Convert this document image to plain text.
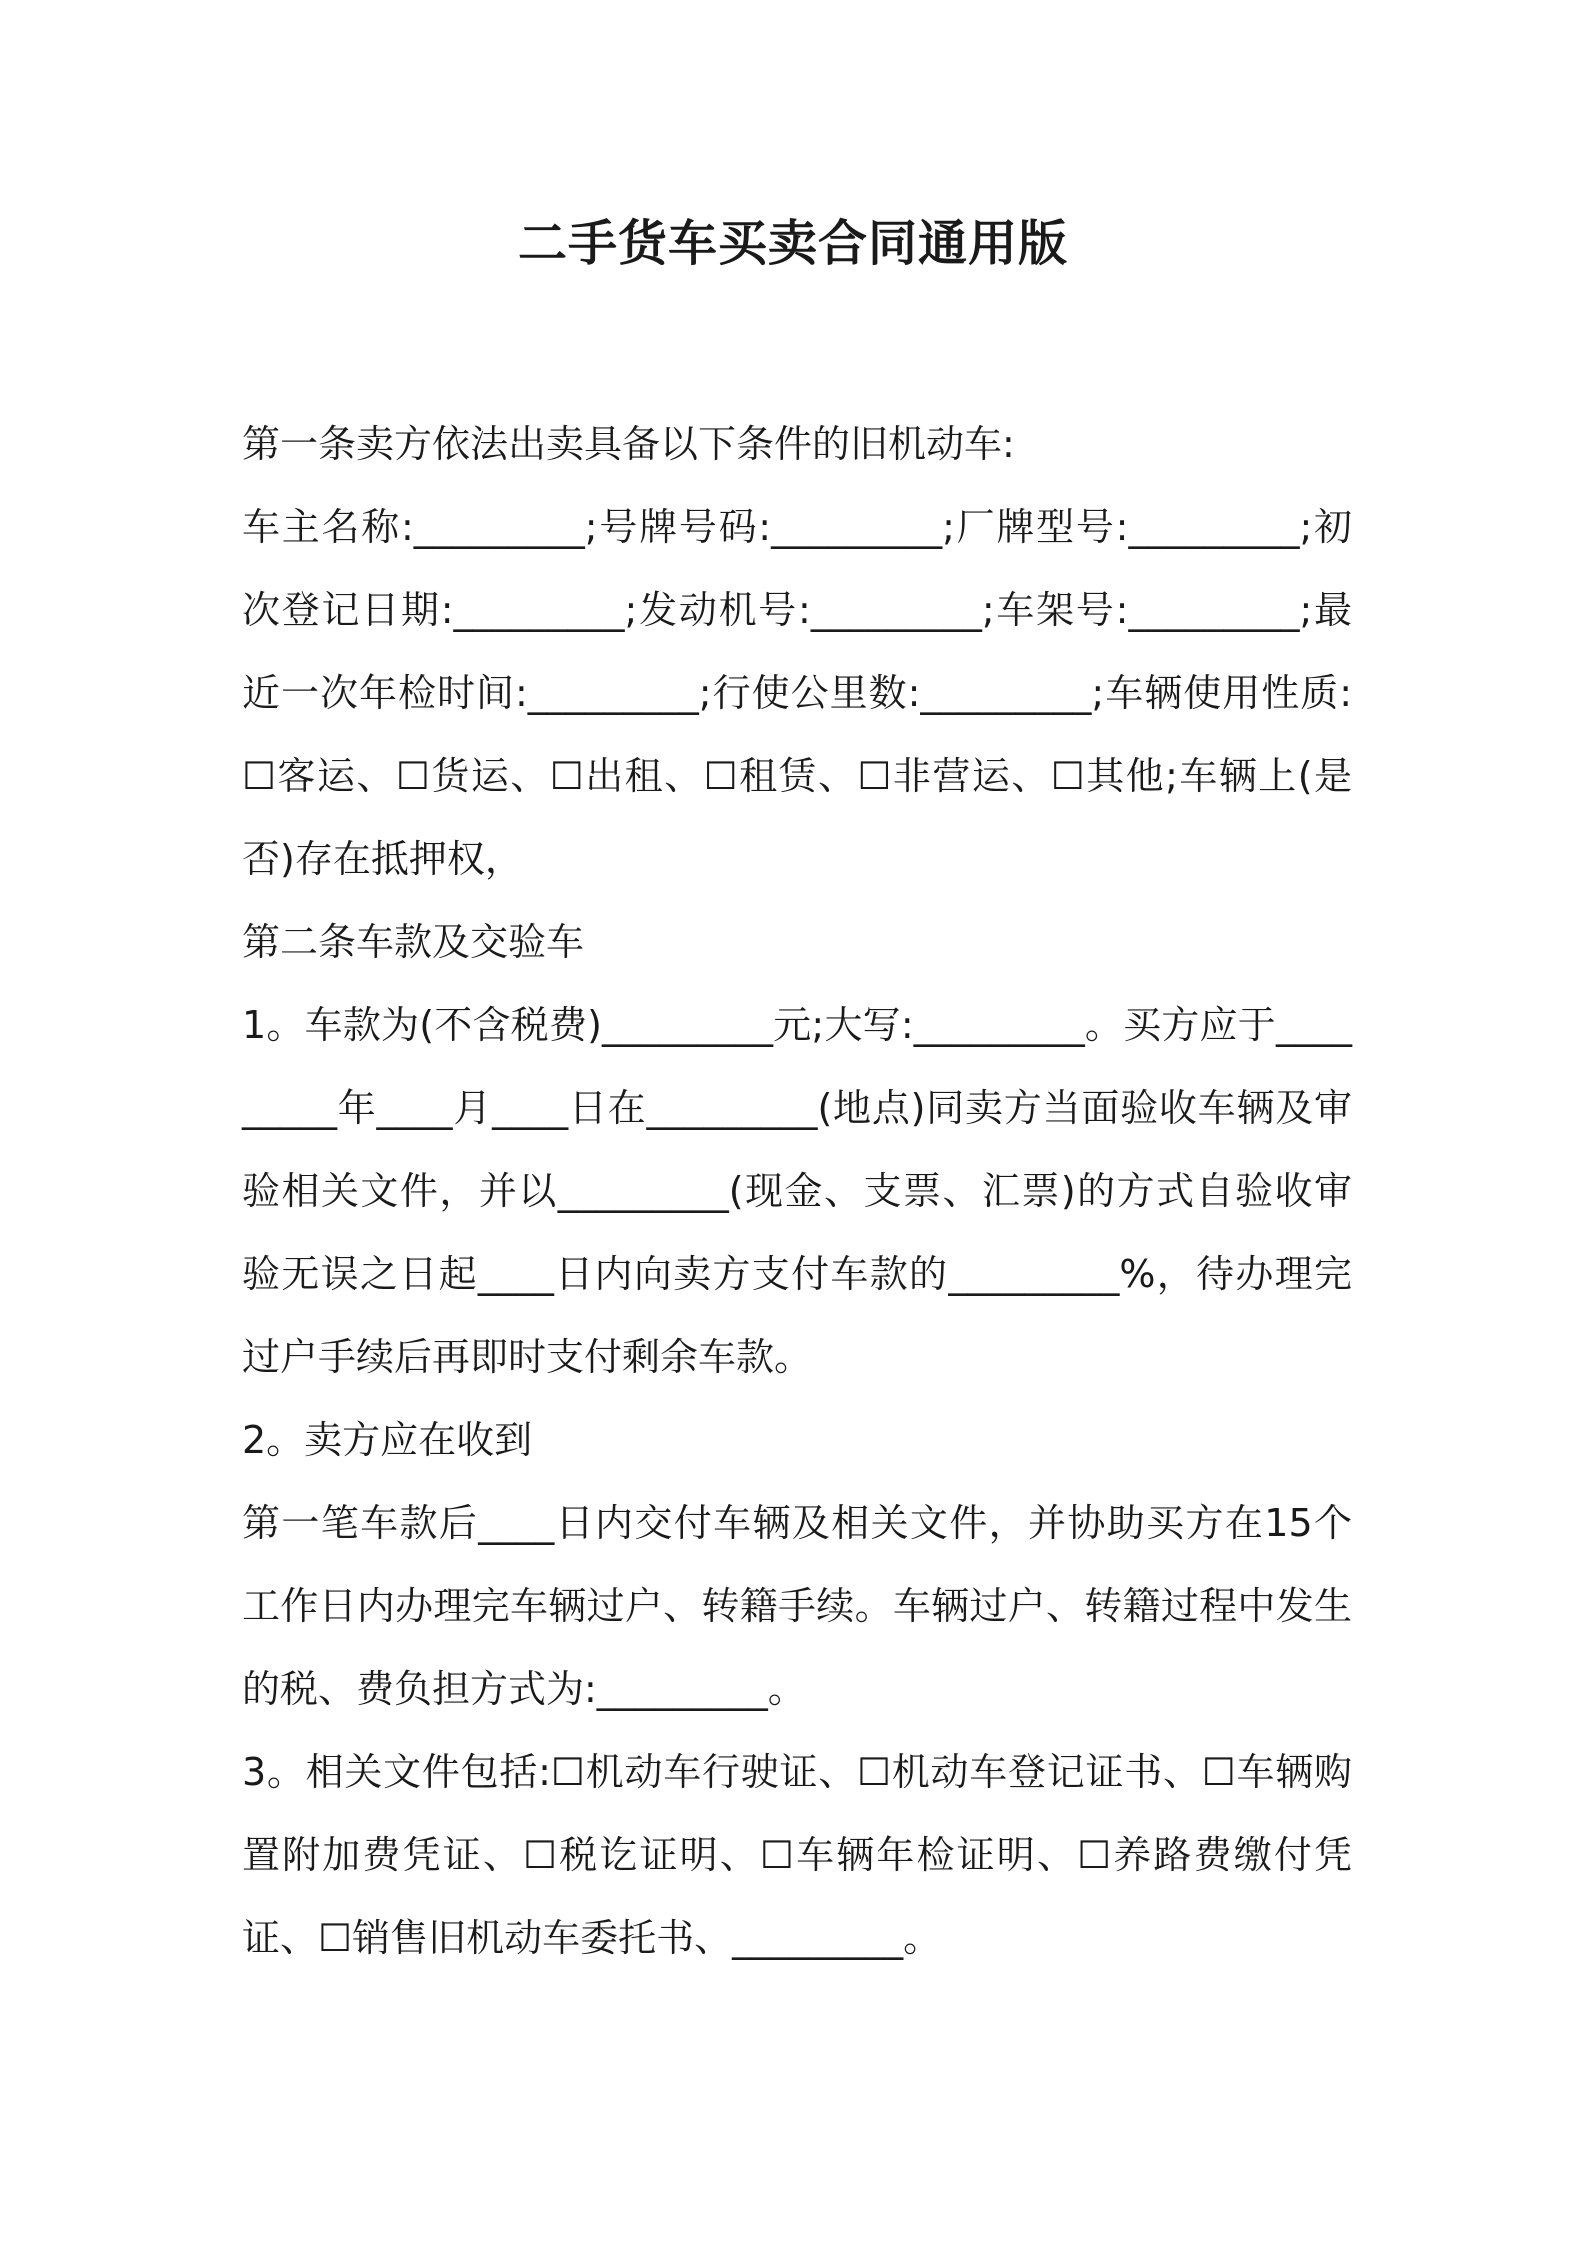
二手货车买卖合同通用版

第一条卖方依法出卖具备以下条件的旧机动车:

车主名称:_________;号牌号码:_________;厂牌型号:_________;初次登记日期:_________;发动机号:_________;车架号:_________;最近一次年检时间:_________;行使公里数:_________;车辆使用性质:☐客运、☐货运、☐出租、☐租赁、☐非营运、☐其他;车辆上(是否)存在抵押权，

第二条车款及交验车

1。车款为(不含税费)_________元;大写:_________。买方应于_________年____月____日在_________(地点)同卖方当面验收车辆及审验相关文件，并以_________(现金、支票、汇票)的方式自验收审验无误之日起____日内向卖方支付车款的_________%，待办理完过户手续后再即时支付剩余车款。

2。卖方应在收到

第一笔车款后____日内交付车辆及相关文件，并协助买方在15个工作日内办理完车辆过户、转籍手续。车辆过户、转籍过程中发生的税、费负担方式为:_________。

3。相关文件包括:☐机动车行驶证、☐机动车登记证书、☐车辆购置附加费凭证、☐税讫证明、☐车辆年检证明、☐养路费缴付凭证、☐销售旧机动车委托书、_________。
